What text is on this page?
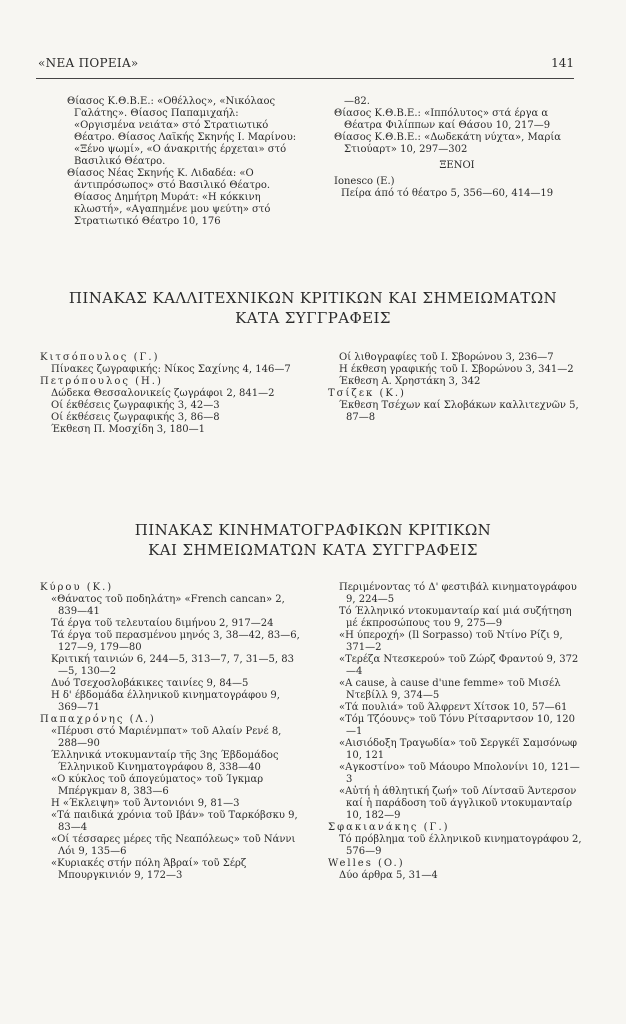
«ΝΕΑ ΠΟΡΕΙΑ»	141

Θίασος Κ.Θ.Β.Ε.: «Οθέλλος», «Νικόλαος Γαλάτης». Θίασος Παπαμιχαήλ: «Οργισμένα νειάτα» στό Στρατιωτικό Θέατρο. Θίασος Λαϊκής Σκηνής Ι. Μαρίνου: «Ξένο ψωμί», «Ο άνακριτής έρχεται» στό Βασιλικό Θέατρο.

Θίασος Νέας Σκηνής Κ. Λιδαδέα: «Ο άντιπρόσωπος» στό Βασιλικό Θέατρο. Θίασος Δημήτρη Μυράτ: «Η κόκκινη κλωστή», «Αγαπημένε μου ψεύτη» στό Στρατιωτικό Θέατρο 10, 176

—82.

Θίασος Κ.Θ.Β.Ε.: «Ιππόλυτος» στά έργα α Θέατρα Φιλίππων καί Θάσου 10, 217—9

Θίασος Κ.Θ.Β.Ε.: «Δωδεκάτη νύχτα», Μαρία Στιούαρτ» 10, 297—302

ΞΕΝΟΙ

Ionesco (E.)

Πείρα άπό τό θέατρο 5, 356—60, 414—19

ΠΙΝΑΚΑΣ ΚΑΛΛΙΤΕΧΝΙΚΩΝ ΚΡΙΤΙΚΩΝ ΚΑΙ ΣΗΜΕΙΩΜΑΤΩΝ
ΚΑΤΑ ΣΥΓΓΡΑΦΕΙΣ

Κιτσόπουλος (Γ.)

Πίνακες ζωγραφικής: Νίκος Σαχίνης 4, 146—7

Πετρόπουλος (Η.)

Δώδεκα Θεσσαλονικείς ζωγράφοι 2, 841—2

Οί έκθέσεις ζωγραφικής 3, 42—3

Οί έκθέσεις ζωγραφικής 3, 86—8

Έκθεση Π. Μοσχίδη 3, 180—1

Οί λιθογραφίες τοῦ Ι. Σβορώνου 3, 236—7

Η έκθεση γραφικής τοῦ Ι. Σβορώνου 3, 341—2

Έκθεση Α. Χρηστάκη 3, 342

Τσίζεκ (Κ.)

Έκθεση Τσέχων καί Σλοβάκων καλλιτεχνῶν 5, 87—8

ΠΙΝΑΚΑΣ ΚΙΝΗΜΑΤΟΓΡΑΦΙΚΩΝ ΚΡΙΤΙΚΩΝ
ΚΑΙ ΣΗΜΕΙΩΜΑΤΩΝ ΚΑΤΑ ΣΥΓΓΡΑΦΕΙΣ

Κύρου (Κ.)

«Θάνατος τοῦ ποδηλάτη» «French cancan» 2, 839—41

Τά έργα τοῦ τελευταίου διμήνου 2, 917—24

Τά έργα τοῦ περασμένου μηνός 3, 38—42, 83—6, 127—9, 179—80

Κριτική ταινιών 6, 244—5, 313—7, 7, 31—5, 83—5, 130—2

Δυό Τσεχοσλοβάκικες ταινίες 9, 84—5

Η δ' έβδομάδα έλληνικοῦ κινηματογράφου 9, 369—71

Παπαχρόνης (Λ.)

«Πέρυσι στό Μαριένμπατ» τοῦ Αλαίν Ρενέ 8, 288—90

Έλληνικά ντοκυμανταίρ τῆς 3ης Έβδομάδος Έλληνικοῦ Κινηματογράφου 8, 338—40

«Ο κύκλος τοῦ άπογεύματος» τοῦ Ίγκμαρ Μπέργκμαν 8, 383—6

Η «Έκλειψη» τοῦ Άντονιόνι 9, 81—3

«Τά παιδικά χρόνια τοῦ Ιβάν» τοῦ Ταρκόβσκυ 9, 83—4

«Οί τέσσαρες μέρες τῆς Νεαπόλεως» τοῦ Νάννι Λόι 9, 135—6

«Κυριακές στήν πόλη Άβραί» τοῦ Σέρζ Μπουργκινιόν 9, 172—3

Περιμένοντας τό Δ' φεστιβάλ κινηματογράφου 9, 224—5

Τό Έλληνικό ντοκυμανταίρ καί μιά συζήτηση μέ έκπροσώπους του 9, 275—9

«Η ύπεροχή» (Il Sorpasso) τοῦ Ντίνο Ρίζι 9, 371—2

«Τερέζα Ντεσκερού» τοῦ Ζώρζ Φραντού 9, 372—4

«A cause, à cause d'une femme» τοῦ Μισέλ Ντεβίλλ 9, 374—5

«Τά πουλιά» τοῦ Άλφρεντ Χίτσοκ 10, 57—61

«Τόμ Τζόουνς» τοῦ Τόνυ Ρίτσαρντσον 10, 120—1

«Αισιόδοξη Τραγωδία» τοῦ Σεργκέϊ Σαμσόνωφ 10, 121

«Αγκοστίνο» τοῦ Μάουρο Μπολονίνι 10, 121—3

«Αὐτή ἡ άθλητική ζωή» τοῦ Λίντσαϋ Άντερσον καί ἡ παράδοση τοῦ άγγλικοῦ ντοκυμανταίρ 10, 182—9

Σφακιανάκης (Γ.)

Τό πρόβλημα τοῦ έλληνικοῦ κινηματογράφου 2, 576—9

Welles (O.)

Δύο άρθρα 5, 31—4
